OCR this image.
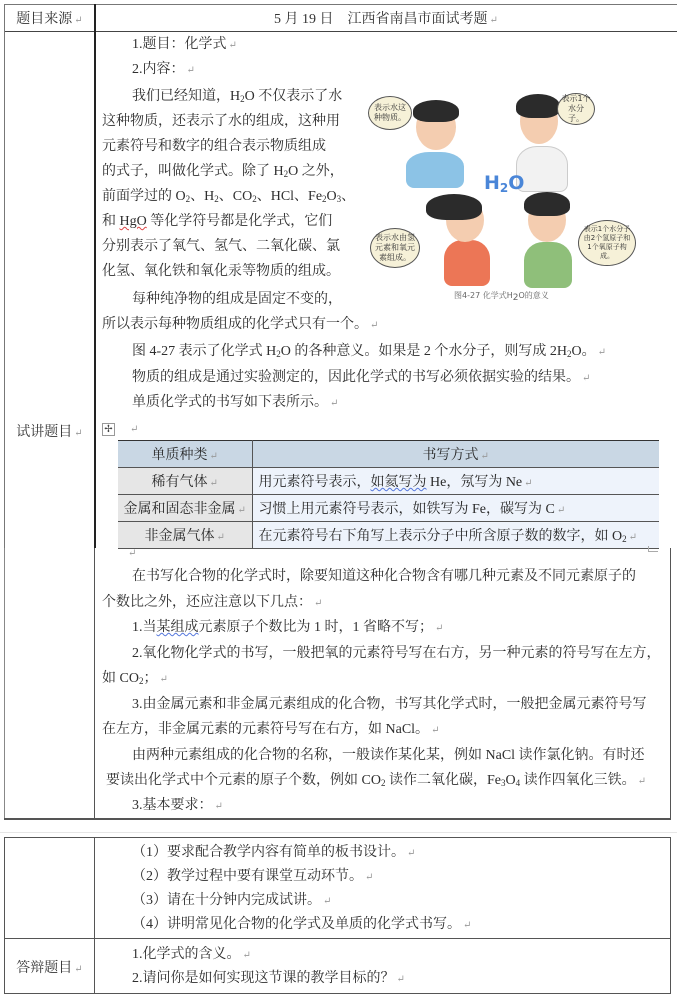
题目来源 ↵	5 月 19 日　江西省南昌市面试考题 ↵
试讲题目 ↵
1.题目：化学式 ↵
2.内容： ↵
我们已经知道，$H_2O$ 不仅表示了水
这种物质，还表示了水的组成，这种用
元素符号和数字的组合表示物质组成
的式子，叫做化学式。除了 $H_2O$ 之外，
前面学过的 $O_2$、$H_2$、$CO_2$、HCl、$Fe_2O_3$、
和 HgO 等化学符号都是化学式，它们
分别表示了氧气、氢气、二氧化碳、氯
化氢、氧化铁和氧化汞等物质的组成。
每种纯净物的组成是固定不变的，
所以表示每种物质组成的化学式只有一个。 ↵
图 4-27 表示了化学式 $H_2O$ 的各种意义。如果是 2 个水分子，则写成 $2H_2O$。 ↵
物质的组成是通过实验测定的，因此化学式的书写必须依据实验的结果。 ↵
单质化学式的书写如下表所示。 ↵
表示水这种物质。
表示1个水分子。
$H_2O$
表示水由氢元素和氧元素组成。
表示1个水分子由2个氢原子和1个氧原子构成。
图4-27 化学式$H_2O$的意义
✢ ↵
单质种类 ↵	书写方式 ↵
稀有气体 ↵	用元素符号表示，如氦写为 He，氖写为 Ne ↵
金属和固态非金属 ↵	习惯上用元素符号表示，如铁写为 Fe，碳写为 C ↵
非金属气体 ↵	在元素符号右下角写上表示分子中所含原子数的数字，如 $O_2$ ↵
↵
在书写化合物的化学式时，除要知道这种化合物含有哪几种元素及不同元素原子的
个数比之外，还应注意以下几点： ↵
1.当某组成元素原子个数比为 1 时，1 省略不写； ↵
2.氧化物化学式的书写，一般把氧的元素符号写在右方，另一种元素的符号写在左方，
如 $CO_2$； ↵
3.由金属元素和非金属元素组成的化合物，书写其化学式时，一般把金属元素符号写
在左方，非金属元素的元素符号写在右方，如 NaCl。 ↵
由两种元素组成的化合物的名称，一般读作某化某，例如 NaCl 读作氯化钠。有时还
要读出化学式中个元素的原子个数，例如 $CO_2$ 读作二氧化碳，$Fe_3O_4$ 读作四氧化三铁。 ↵
3.基本要求： ↵
（1）要求配合教学内容有简单的板书设计。 ↵
（2）教学过程中要有课堂互动环节。 ↵
（3）请在十分钟内完成试讲。 ↵
（4）讲明常见化合物的化学式及单质的化学式书写。 ↵
答辩题目 ↵
1.化学式的含义。 ↵
2.请问你是如何实现这节课的教学目标的？ ↵
